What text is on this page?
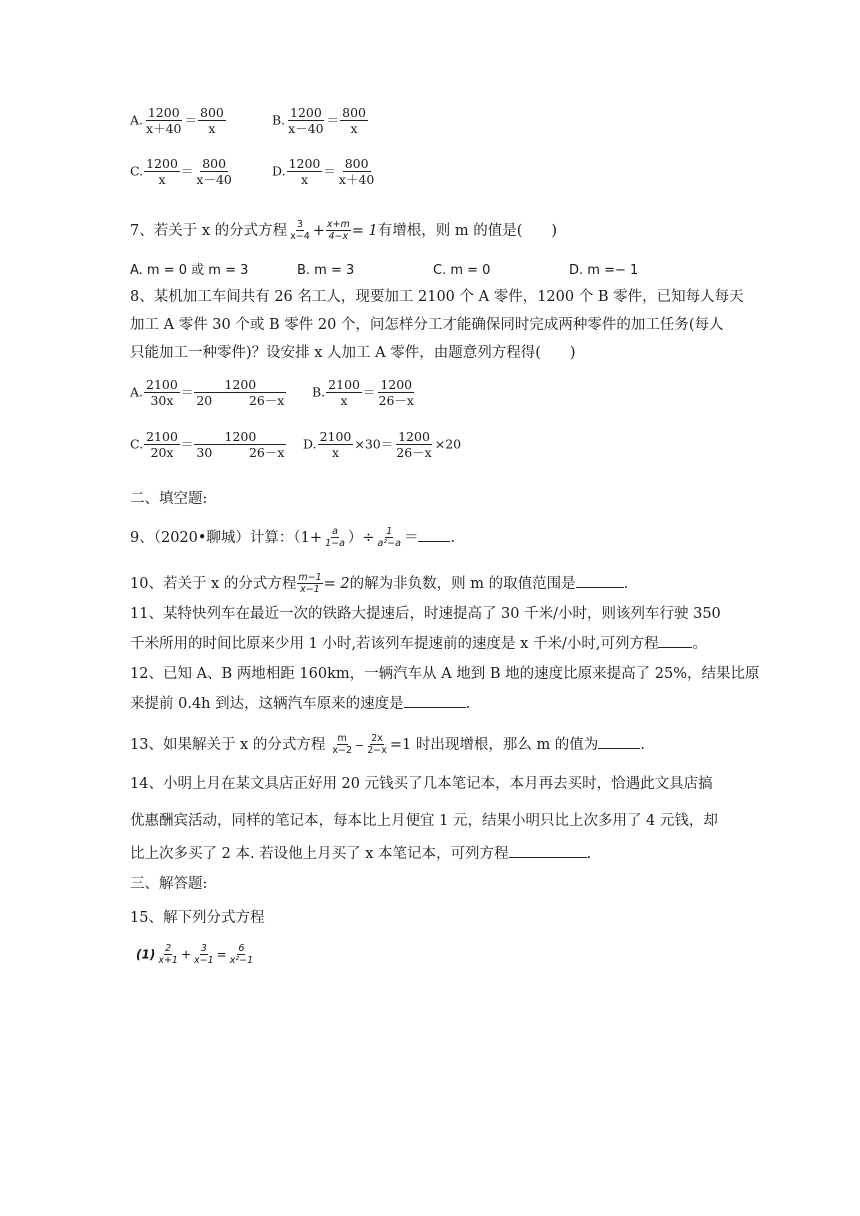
A. $\frac{1200}{x+40} = \frac{800}{x}$	B. $\frac{1200}{x-40} = \frac{800}{x}$
C. $\frac{1200}{x} = \frac{800}{x-40}$	D. $\frac{1200}{x} = \frac{800}{x+40}$
7、若关于 x 的分式方程 $\frac{3}{x-4} + \frac{x+m}{4-x} = 1$有增根，则 m 的值是(　　)
A. m = 0 或 m = 3	B. m = 3	C. m = 0	D. m =− 1
8、某机加工车间共有 26 名工人，现要加工 2100 个 A 零件，1200 个 B 零件，已知每人每天
加工 A 零件 30 个或 B 零件 20 个，问怎样分工才能确保同时完成两种零件的加工任务(每人
只能加工一种零件)？设安排 x 人加工 A 零件，由题意列方程得(　　)
A. $\frac{2100}{30x} = 1200$
20	26－x B. $\frac{2100}{x} = \frac{1200}{26-x}$
C. $\frac{2100}{20x} = 1200$
30	26－x D. $\frac{2100}{x} \times 30= \frac{1200}{26-x} \times 20$
二、填空题:
9、（2020•聊城）计算：（$1+ \frac{a}{1-a}$ ）÷ $\frac{1}{\text{a²−a}}$ ＝ .
10、若关于 x 的分式方程 $\frac{m-1}{x-1} = 2$的解为非负数，则 m 的取值范围是	.
11、某特快列车在最近一次的铁路大提速后，时速提高了 30 千米/小时，则该列车行驶 350
千米所用的时间比原来少用 1 小时,若该列车提速前的速度是 x 千米/小时,可列方程 。
12、已知 A、B 两地相距 160km，一辆汽车从 A 地到 B 地的速度比原来提高了 25%，结果比原
来提前 0.4h 到达，这辆汽车原来的速度是	.
13、如果解关于 x 的分式方程 $\frac{m}{x-2} - \frac{2x}{2-x} =1$ 时出现增根，那么 m 的值为	.
14、小明上月在某文具店正好用 20 元钱买了几本笔记本，本月再去买时，恰遇此文具店搞
优惠酬宾活动，同样的笔记本，每本比上月便宜 1 元，结果小明只比上次多用了 4 元钱，却
比上次多买了 2 本. 若设他上月买了 x 本笔记本，可列方程	.
三、解答题:
15、解下列分式方程
$(1) \frac{2}{x+1} + \frac{3}{x-1} = \frac{6}{\text{x²−1}}$
